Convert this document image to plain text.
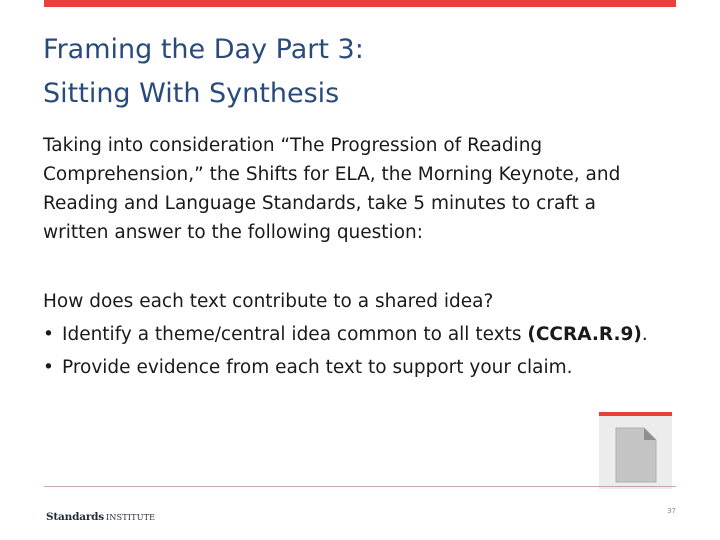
Framing the Day Part 3:
Sitting With Synthesis

Taking into consideration “The Progression of Reading
Comprehension,” the Shifts for ELA, the Morning Keynote, and
Reading and Language Standards, take 5 minutes to craft a
written answer to the following question:

How does each text contribute to a shared idea?

• Identify a theme/central idea common to all texts (CCRA.R.9).
• Provide evidence from each text to support your claim.
Standards INSTITUTE
37
